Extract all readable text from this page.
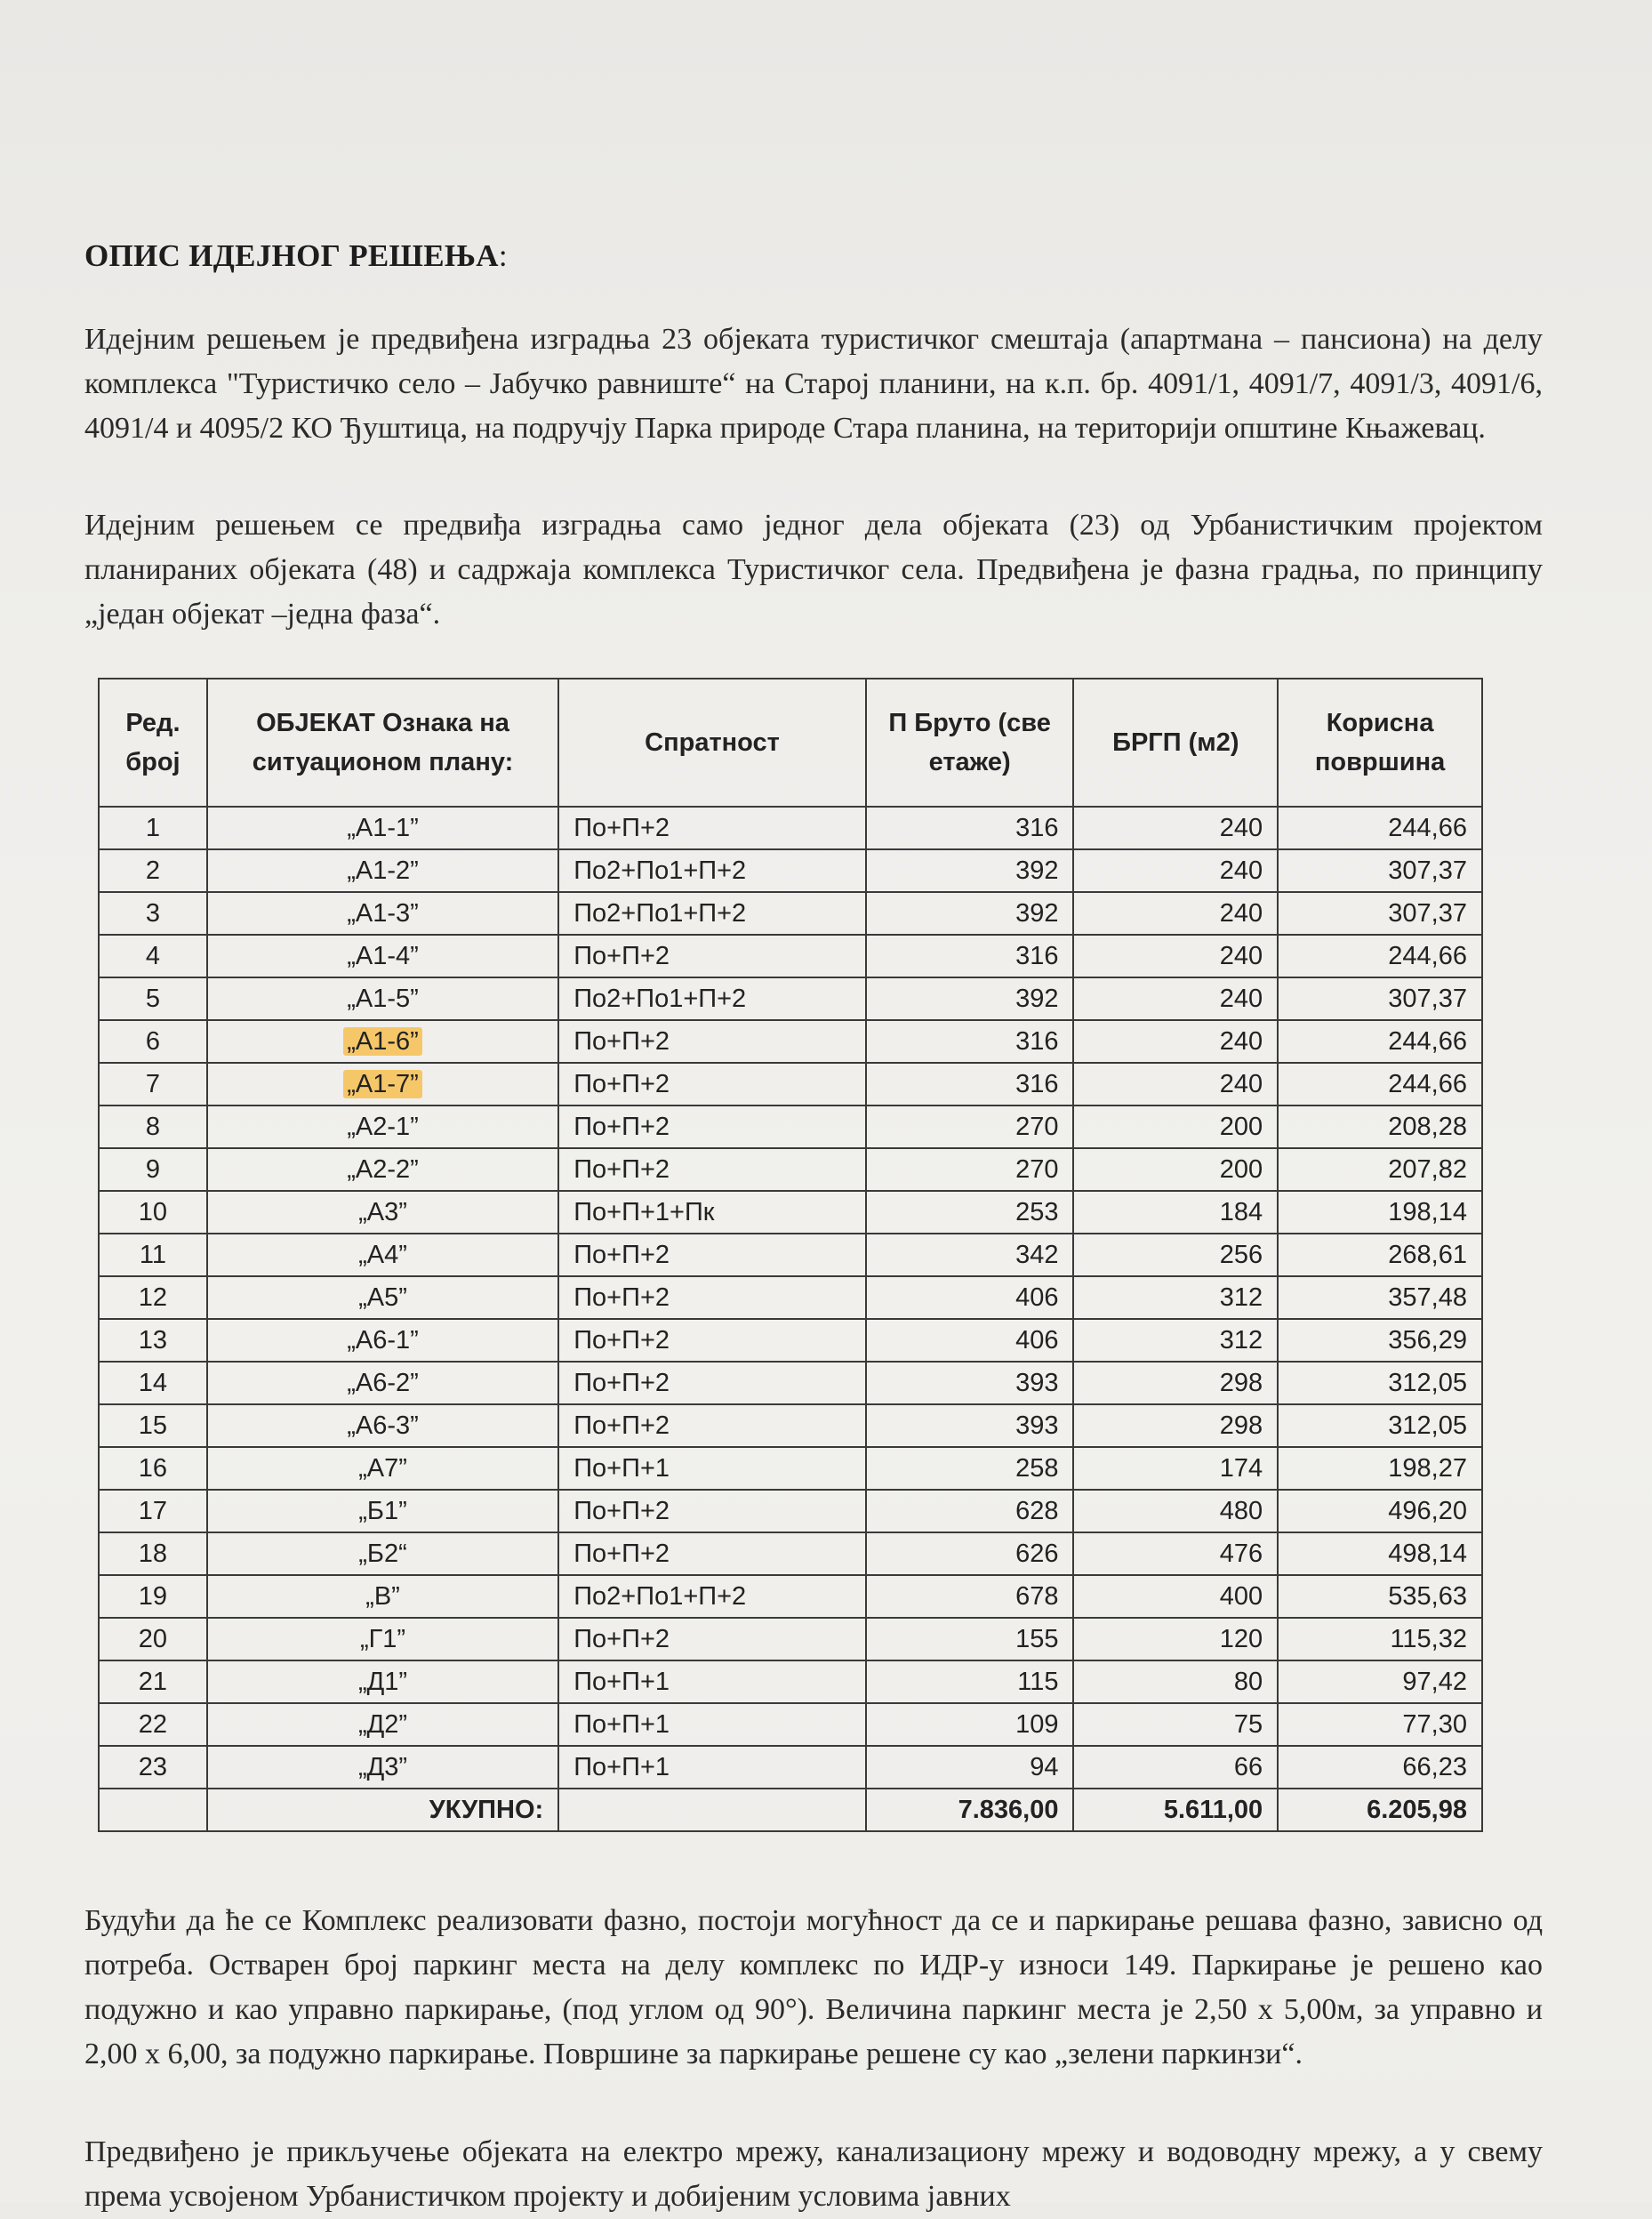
ОПИС ИДЕЈНОГ РЕШЕЊА:

Идејним решењем је предвиђена изградња 23 објеката туристичког смештаја (апартмана – пансиона) на делу комплекса "Туристичко село – Јабучко равниште“ на Старој планини, на к.п. бр. 4091/1, 4091/7, 4091/3, 4091/6, 4091/4 и 4095/2 КО Ђуштица, на подручју Парка природе Стара планина, на територији општине Књажевац.

Идејним решењем се предвиђа изградња само једног дела објеката (23) од Урбанистичким пројектом планираних објеката (48) и садржаја комплекса Туристичког села. Предвиђена је фазна градња, по принципу „један објекат –једна фаза“.

Ред. број	ОБЈЕКАТ Ознака на ситуационом плану:	Спратност	П Бруто (све етаже)	БРГП (м2)	Корисна површина
1	„А1-1”	По+П+2	316	240	244,66
2	„А1-2”	По2+По1+П+2	392	240	307,37
3	„А1-3”	По2+По1+П+2	392	240	307,37
4	„А1-4”	По+П+2	316	240	244,66
5	„А1-5”	По2+По1+П+2	392	240	307,37
6	„А1-6”	По+П+2	316	240	244,66
7	„А1-7”	По+П+2	316	240	244,66
8	„А2-1”	По+П+2	270	200	208,28
9	„А2-2”	По+П+2	270	200	207,82
10	„А3”	По+П+1+Пк	253	184	198,14
11	„А4”	По+П+2	342	256	268,61
12	„А5”	По+П+2	406	312	357,48
13	„А6-1”	По+П+2	406	312	356,29
14	„А6-2”	По+П+2	393	298	312,05
15	„А6-3”	По+П+2	393	298	312,05
16	„А7”	По+П+1	258	174	198,27
17	„Б1”	По+П+2	628	480	496,20
18	„Б2“	По+П+2	626	476	498,14
19	„В”	По2+По1+П+2	678	400	535,63
20	„Г1”	По+П+2	155	120	115,32
21	„Д1”	По+П+1	115	80	97,42
22	„Д2”	По+П+1	109	75	77,30
23	„Д3”	По+П+1	94	66	66,23
	УКУПНО:		7.836,00	5.611,00	6.205,98

Будући да ће се Комплекс реализовати фазно, постоји могућност да се и паркирање решава фазно, зависно од потреба. Остварен број паркинг места на делу комплекс по ИДР-у износи 149. Паркирање је решено као подужно и као управно паркирање, (под углом од 90°). Величина паркинг места је 2,50 x 5,00м, за управно и 2,00 x 6,00, за подужно паркирање. Површине за паркирање решене су као „зелени паркинзи“.

Предвиђено је прикључење објеката на електро мрежу, канализациону мрежу и водоводну мрежу, а у свему према усвојеном Урбанистичком пројекту и добијеним условима јавних
